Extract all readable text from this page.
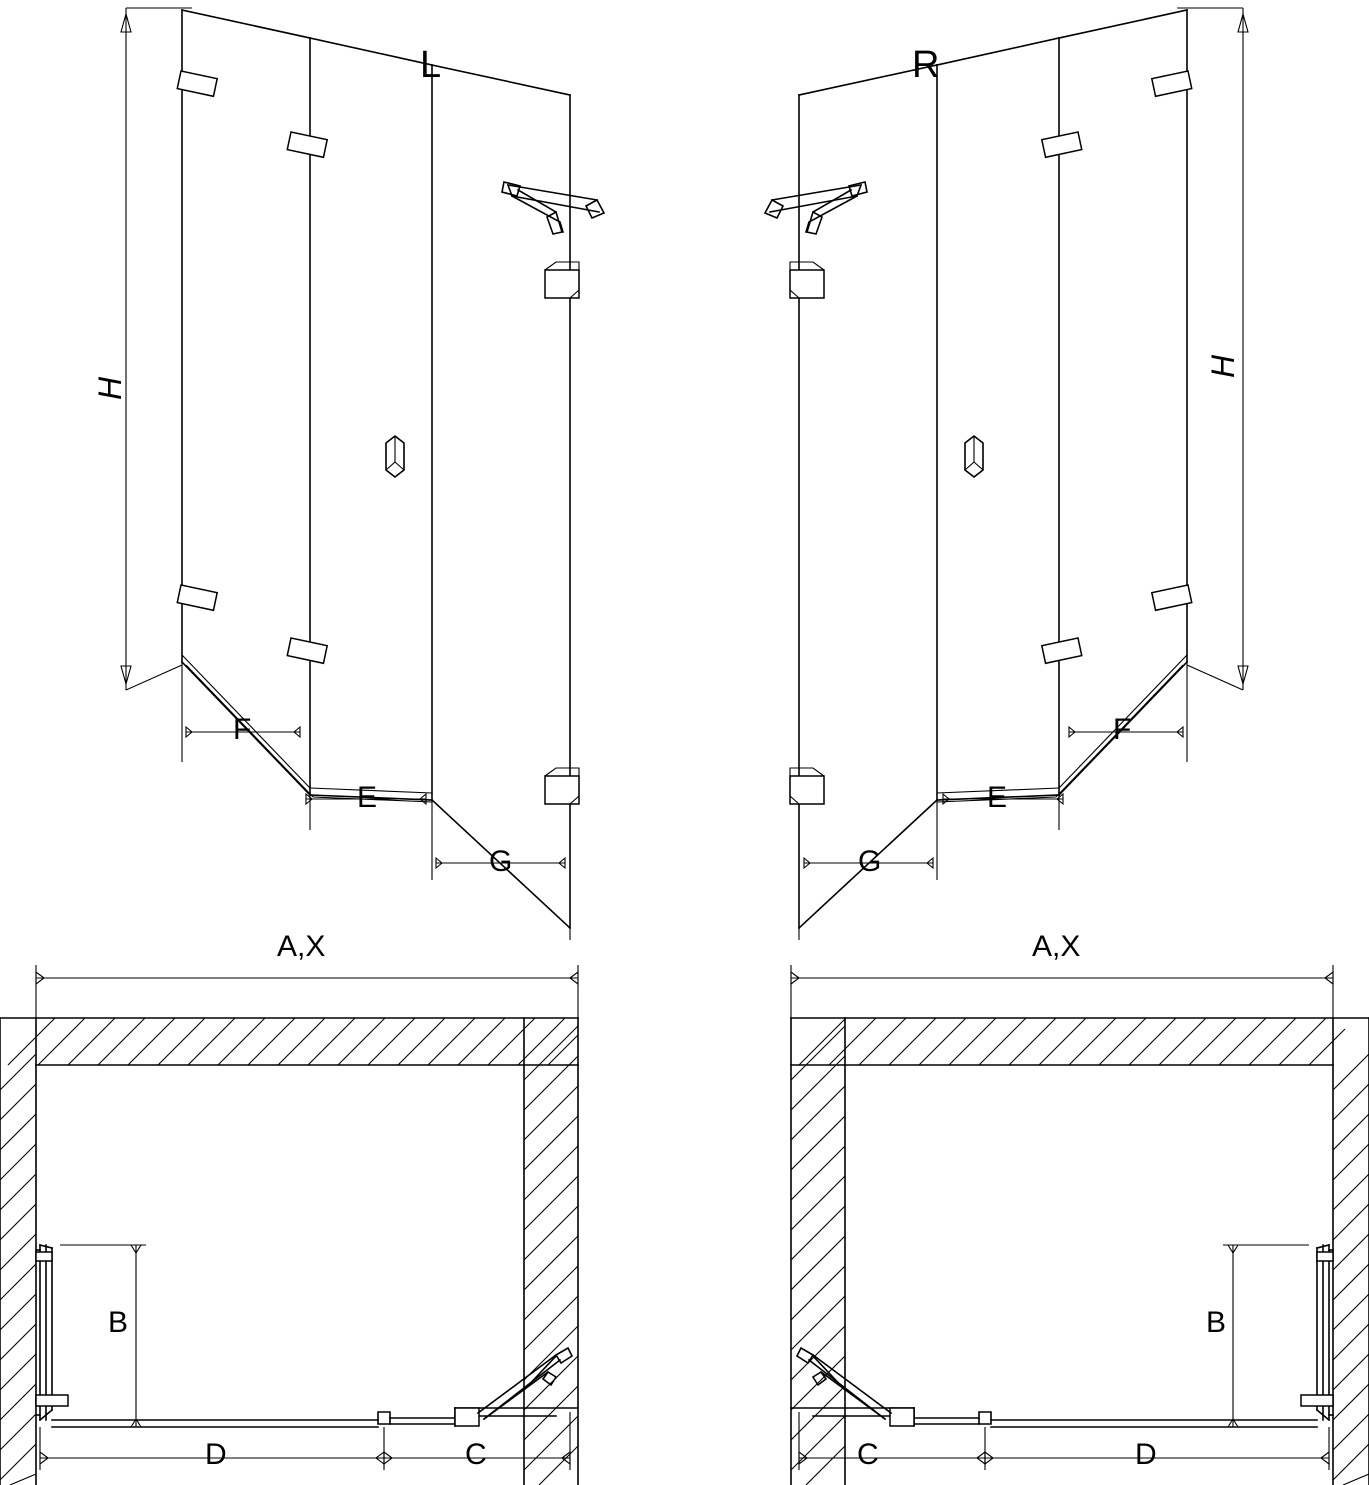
L
H
F
E
G
R
H
F
E
G
A,X
B
D	C
A,X
B
C	D
